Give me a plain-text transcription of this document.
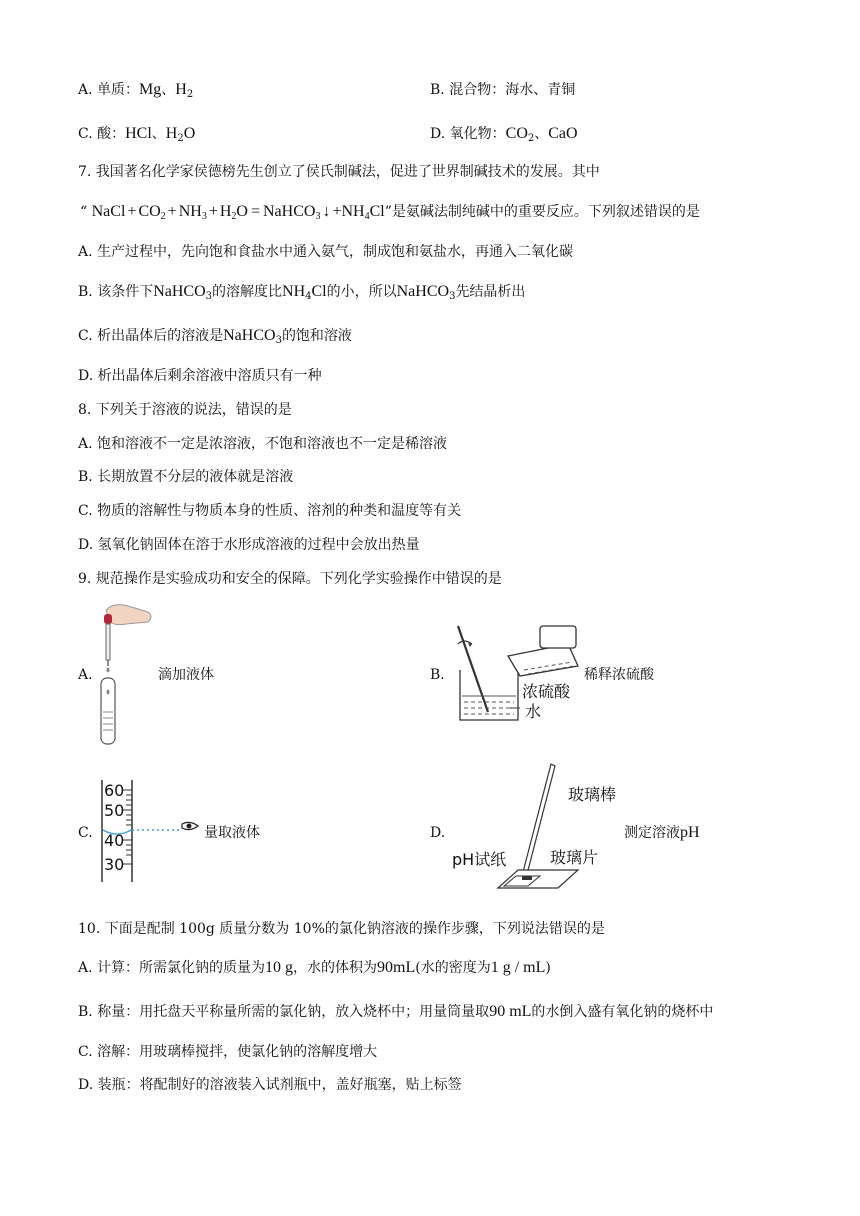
A. 单质：Mg、$H_2$	B. 混合物：海水、青铜
C. 酸：HCl、$H_2O$	D. 氧化物：$CO_2$、CaO
7. 我国著名化学家侯德榜先生创立了侯氏制碱法，促进了世界制碱技术的发展。其中
“ NaCl + $CO_2 + NH_3 + H_2O$ = NaHCO$_3$ ↓ $+NH_4Cl$”是氨碱法制纯碱中的重要反应。下列叙述错误的是
A. 生产过程中，先向饱和食盐水中通入氨气，制成饱和氨盐水，再通入二氧化碳
B. 该条件下NaHCO$_3$的溶解度比$NH_4Cl$的小，所以NaHCO$_3$先结晶析出
C. 析出晶体后的溶液是NaHCO$_3$的饱和溶液
D. 析出晶体后剩余溶液中溶质只有一种
8. 下列关于溶液的说法，错误的是
A. 饱和溶液不一定是浓溶液，不饱和溶液也不一定是稀溶液
B. 长期放置不分层的液体就是溶液
C. 物质的溶解性与物质本身的性质、溶剂的种类和温度等有关
D. 氢氧化钠固体在溶于水形成溶液的过程中会放出热量
9. 规范操作是实验成功和安全的保障。下列化学实验操作中错误的是
A.	滴加液体	B.
浓硫酸
水
稀释浓硫酸
C.
60
50
40
30
量取液体	D.
玻璃棒
pH试纸	玻璃片
测定溶液pH
10. 下面是配制 100g 质量分数为 10%的氯化钠溶液的操作步骤，下列说法错误的是
A. 计算：所需氯化钠的质量为10 g，水的体积为90mL(水的密度为1 g / mL)
B. 称量：用托盘天平称量所需的氯化钠，放入烧杯中；用量筒量取90 mL的水倒入盛有氧化钠的烧杯中
C. 溶解：用玻璃棒搅拌，使氯化钠的溶解度增大
D. 装瓶：将配制好的溶液装入试剂瓶中，盖好瓶塞，贴上标签
